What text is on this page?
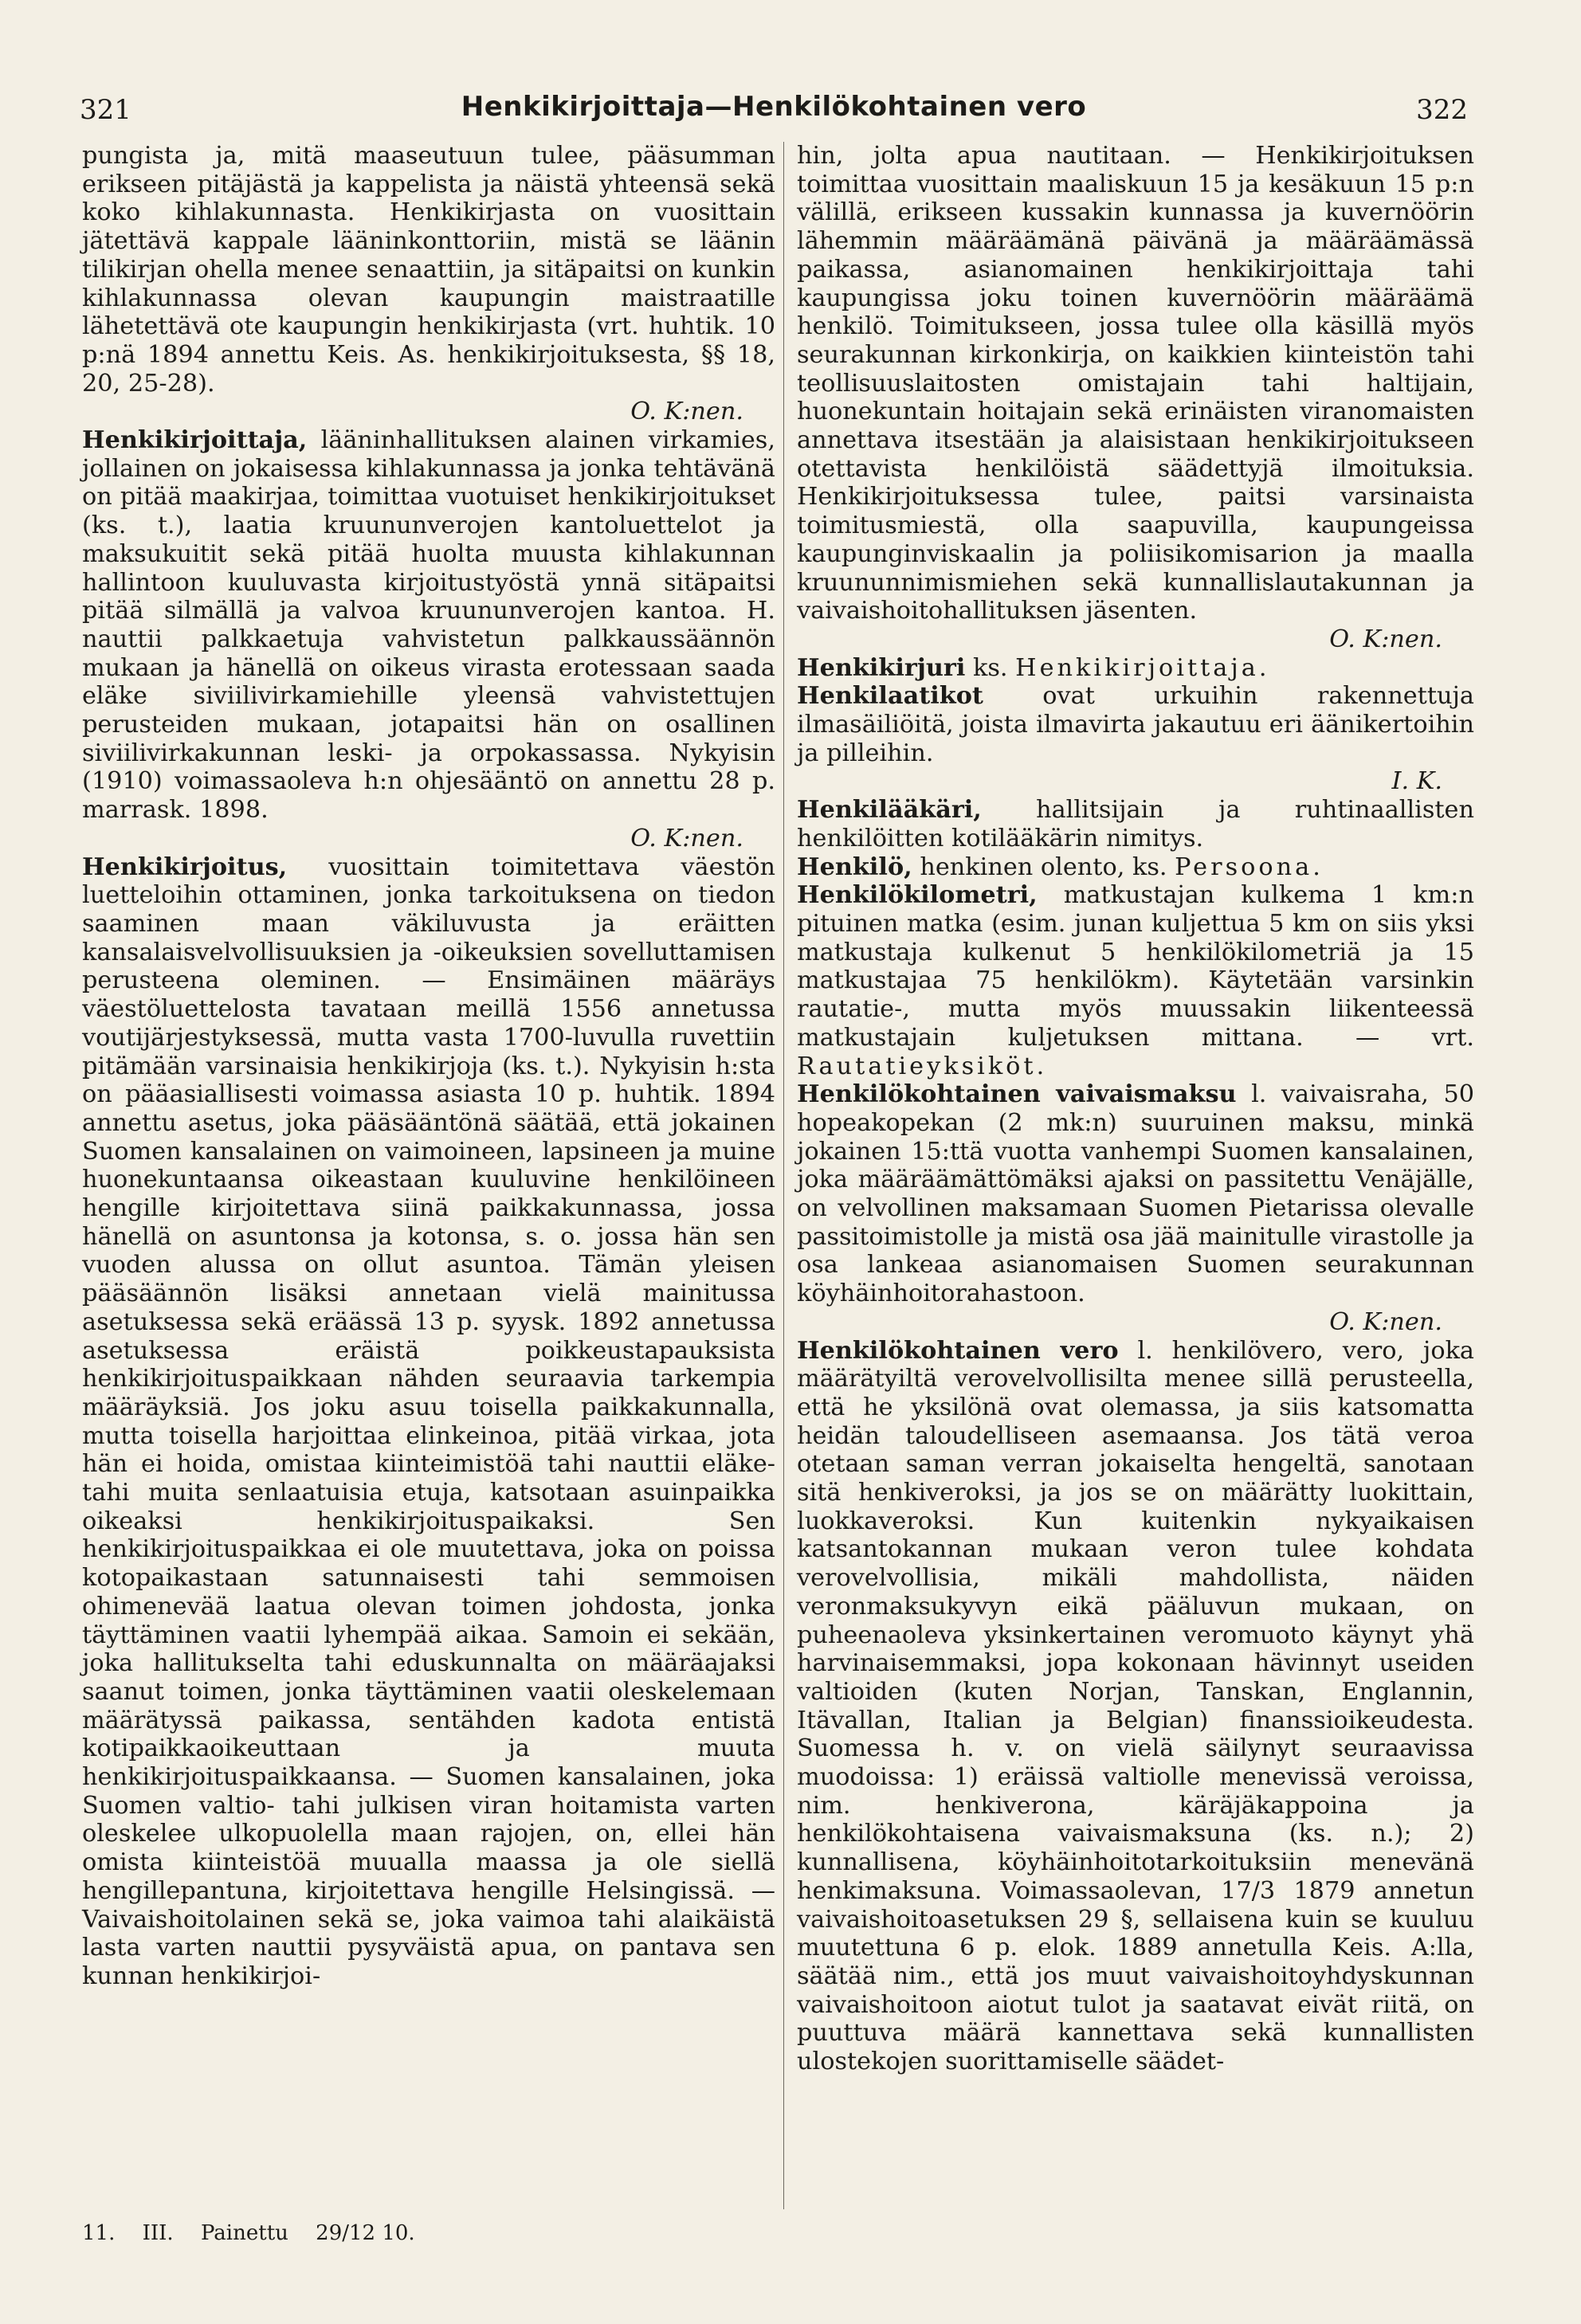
321	Henkikirjoittaja—Henkilökohtainen vero	322

pungista ja, mitä maaseutuun tulee, pääsumman erikseen pitäjästä ja kappelista ja näistä yhteensä sekä koko kihlakunnasta. Henkikirjasta on vuosittain jätettävä kappale lääninkonttoriin, mistä se läänin tilikirjan ohella menee senaattiin, ja sitäpaitsi on kunkin kihlakunnassa olevan kaupungin maistraatille lähetettävä ote kaupungin henkikirjasta (vrt. huhtik. 10 p:nä 1894 annettu Keis. As. henkikirjoituksesta, §§ 18, 20, 25-28).

O. K:nen.

Henkikirjoittaja, lääninhallituksen alainen virkamies, jollainen on jokaisessa kihlakunnassa ja jonka tehtävänä on pitää maakirjaa, toimittaa vuotuiset henkikirjoitukset (ks. t.), laatia kruununverojen kantoluettelot ja maksukuitit sekä pitää huolta muusta kihlakunnan hallintoon kuuluvasta kirjoitustyöstä ynnä sitäpaitsi pitää silmällä ja valvoa kruununverojen kantoa. H. nauttii palkkaetuja vahvistetun palkkaussäännön mukaan ja hänellä on oikeus virasta erotessaan saada eläke siviilivirkamiehille yleensä vahvistettujen perusteiden mukaan, jotapaitsi hän on osallinen siviilivirkakunnan leski- ja orpokassassa. Nykyisin (1910) voimassaoleva h:n ohjesääntö on annettu 28 p. marrask. 1898.

O. K:nen.

Henkikirjoitus, vuosittain toimitettava väestön luetteloihin ottaminen, jonka tarkoituksena on tiedon saaminen maan väkiluvusta ja eräitten kansalaisvelvollisuuksien ja -oikeuksien sovelluttamisen perusteena oleminen. — Ensimäinen määräys väestöluettelosta tavataan meillä 1556 annetussa voutijärjestyksessä, mutta vasta 1700-luvulla ruvettiin pitämään varsinaisia henkikirjoja (ks. t.). Nykyisin h:sta on pääasiallisesti voimassa asiasta 10 p. huhtik. 1894 annettu asetus, joka pääsääntönä säätää, että jokainen Suomen kansalainen on vaimoineen, lapsineen ja muine huonekuntaansa oikeastaan kuuluvine henkilöineen hengille kirjoitettava siinä paikkakunnassa, jossa hänellä on asuntonsa ja kotonsa, s. o. jossa hän sen vuoden alussa on ollut asuntoa. Tämän yleisen pääsäännön lisäksi annetaan vielä mainitussa asetuksessa sekä eräässä 13 p. syysk. 1892 annetussa asetuksessa eräistä poikkeustapauksista henkikirjoituspaikkaan nähden seuraavia tarkempia määräyksiä. Jos joku asuu toisella paikkakunnalla, mutta toisella harjoittaa elinkeinoa, pitää virkaa, jota hän ei hoida, omistaa kiinteimistöä tahi nauttii eläke- tahi muita senlaatuisia etuja, katsotaan asuinpaikka oikeaksi henkikirjoituspaikaksi. Sen henkikirjoituspaikkaa ei ole muutettava, joka on poissa kotopaikastaan satunnaisesti tahi semmoisen ohimenevää laatua olevan toimen johdosta, jonka täyttäminen vaatii lyhempää aikaa. Samoin ei sekään, joka hallitukselta tahi eduskunnalta on määräajaksi saanut toimen, jonka täyttäminen vaatii oleskelemaan määrätyssä paikassa, sentähden kadota entistä kotipaikkaoikeuttaan ja muuta henkikirjoituspaikkaansa. — Suomen kansalainen, joka Suomen valtio- tahi julkisen viran hoitamista varten oleskelee ulkopuolella maan rajojen, on, ellei hän omista kiinteistöä muualla maassa ja ole siellä hengillepantuna, kirjoitettava hengille Helsingissä. — Vaivaishoitolainen sekä se, joka vaimoa tahi alaikäistä lasta varten nauttii pysyväistä apua, on pantava sen kunnan henkikirjoi-

hin, jolta apua nautitaan. — Henkikirjoituksen toimittaa vuosittain maaliskuun 15 ja kesäkuun 15 p:n välillä, erikseen kussakin kunnassa ja kuvernöörin lähemmin määräämänä päivänä ja määräämässä paikassa, asianomainen henkikirjoittaja tahi kaupungissa joku toinen kuvernöörin määräämä henkilö. Toimitukseen, jossa tulee olla käsillä myös seurakunnan kirkonkirja, on kaikkien kiinteistön tahi teollisuuslaitosten omistajain tahi haltijain, huonekuntain hoitajain sekä erinäisten viranomaisten annettava itsestään ja alaisistaan henkikirjoitukseen otettavista henkilöistä säädettyjä ilmoituksia. Henkikirjoituksessa tulee, paitsi varsinaista toimitusmiestä, olla saapuvilla, kaupungeissa kaupunginviskaalin ja poliisikomisarion ja maalla kruununnimismiehen sekä kunnallislautakunnan ja vaivaishoitohallituksen jäsenten.

O. K:nen.

Henkikirjuri ks. Henkikirjoittaja.

Henkilaatikot ovat urkuihin rakennettuja ilmasäiliöitä, joista ilmavirta jakautuu eri äänikertoihin ja pilleihin.

I. K.

Henkilääkäri, hallitsijain ja ruhtinaallisten henkilöitten kotilääkärin nimitys.

Henkilö, henkinen olento, ks. Persoona.

Henkilökilometri, matkustajan kulkema 1 km:n pituinen matka (esim. junan kuljettua 5 km on siis yksi matkustaja kulkenut 5 henkilökilometriä ja 15 matkustajaa 75 henkilökm). Käytetään varsinkin rautatie-, mutta myös muussakin liikenteessä matkustajain kuljetuksen mittana. — vrt. Rautatieyksiköt.

Henkilökohtainen vaivaismaksu l. vaivaisraha, 50 hopeakopekan (2 mk:n) suuruinen maksu, minkä jokainen 15:ttä vuotta vanhempi Suomen kansalainen, joka määräämättömäksi ajaksi on passitettu Venäjälle, on velvollinen maksamaan Suomen Pietarissa olevalle passitoimistolle ja mistä osa jää mainitulle virastolle ja osa lankeaa asianomaisen Suomen seurakunnan köyhäinhoitorahastoon.

O. K:nen.

Henkilökohtainen vero l. henkilövero, vero, joka määrätyiltä verovelvollisilta menee sillä perusteella, että he yksilönä ovat olemassa, ja siis katsomatta heidän taloudelliseen asemaansa. Jos tätä veroa otetaan saman verran jokaiselta hengeltä, sanotaan sitä henkiveroksi, ja jos se on määrätty luokittain, luokkaveroksi. Kun kuitenkin nykyaikaisen katsantokannan mukaan veron tulee kohdata verovelvollisia, mikäli mahdollista, näiden veronmaksukyvyn eikä pääluvun mukaan, on puheenaoleva yksinkertainen veromuoto käynyt yhä harvinaisemmaksi, jopa kokonaan hävinnyt useiden valtioiden (kuten Norjan, Tanskan, Englannin, Itävallan, Italian ja Belgian) finanssioikeudesta. Suomessa h. v. on vielä säilynyt seuraavissa muodoissa: 1) eräissä valtiolle menevissä veroissa, nim. henkiverona, käräjäkappoina ja henkilökohtaisena vaivaismaksuna (ks. n.); 2) kunnallisena, köyhäinhoitotarkoituksiin menevänä henkimaksuna. Voimassaolevan, 17/3 1879 annetun vaivaishoitoasetuksen 29 §, sellaisena kuin se kuuluu muutettuna 6 p. elok. 1889 annetulla Keis. A:lla, säätää nim., että jos muut vaivaishoitoyhdyskunnan vaivaishoitoon aiotut tulot ja saatavat eivät riitä, on puuttuva määrä kannettava sekä kunnallisten ulostekojen suorittamiselle säädet-

11. III. Painettu 29/12 10.
